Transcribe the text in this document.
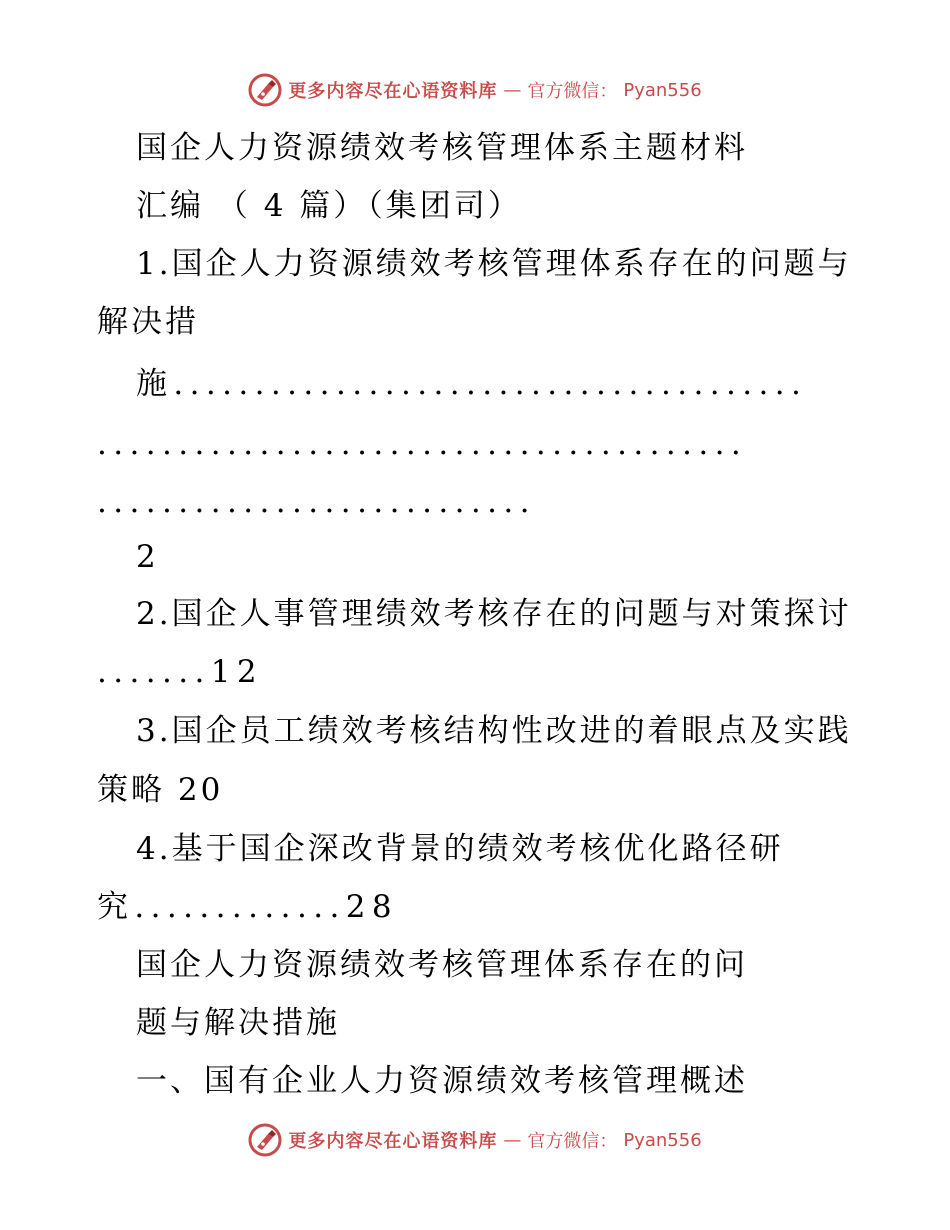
更多内容尽在心语资料库 — 官方微信： Pyan556
国企人力资源绩效考核管理体系主题材料
汇编 （ 4 篇）（集团司）
1.国企人力资源绩效考核管理体系存在的问题与
解决措
施.......................................
........................................
...........................
2
2.国企人事管理绩效考核存在的问题与对策探讨
.......12
3.国企员工绩效考核结构性改进的着眼点及实践
策略 20
4.基于国企深改背景的绩效考核优化路径研
究.............28
国企人力资源绩效考核管理体系存在的问
题与解决措施
一、国有企业人力资源绩效考核管理概述
更多内容尽在心语资料库 — 官方微信： Pyan556
